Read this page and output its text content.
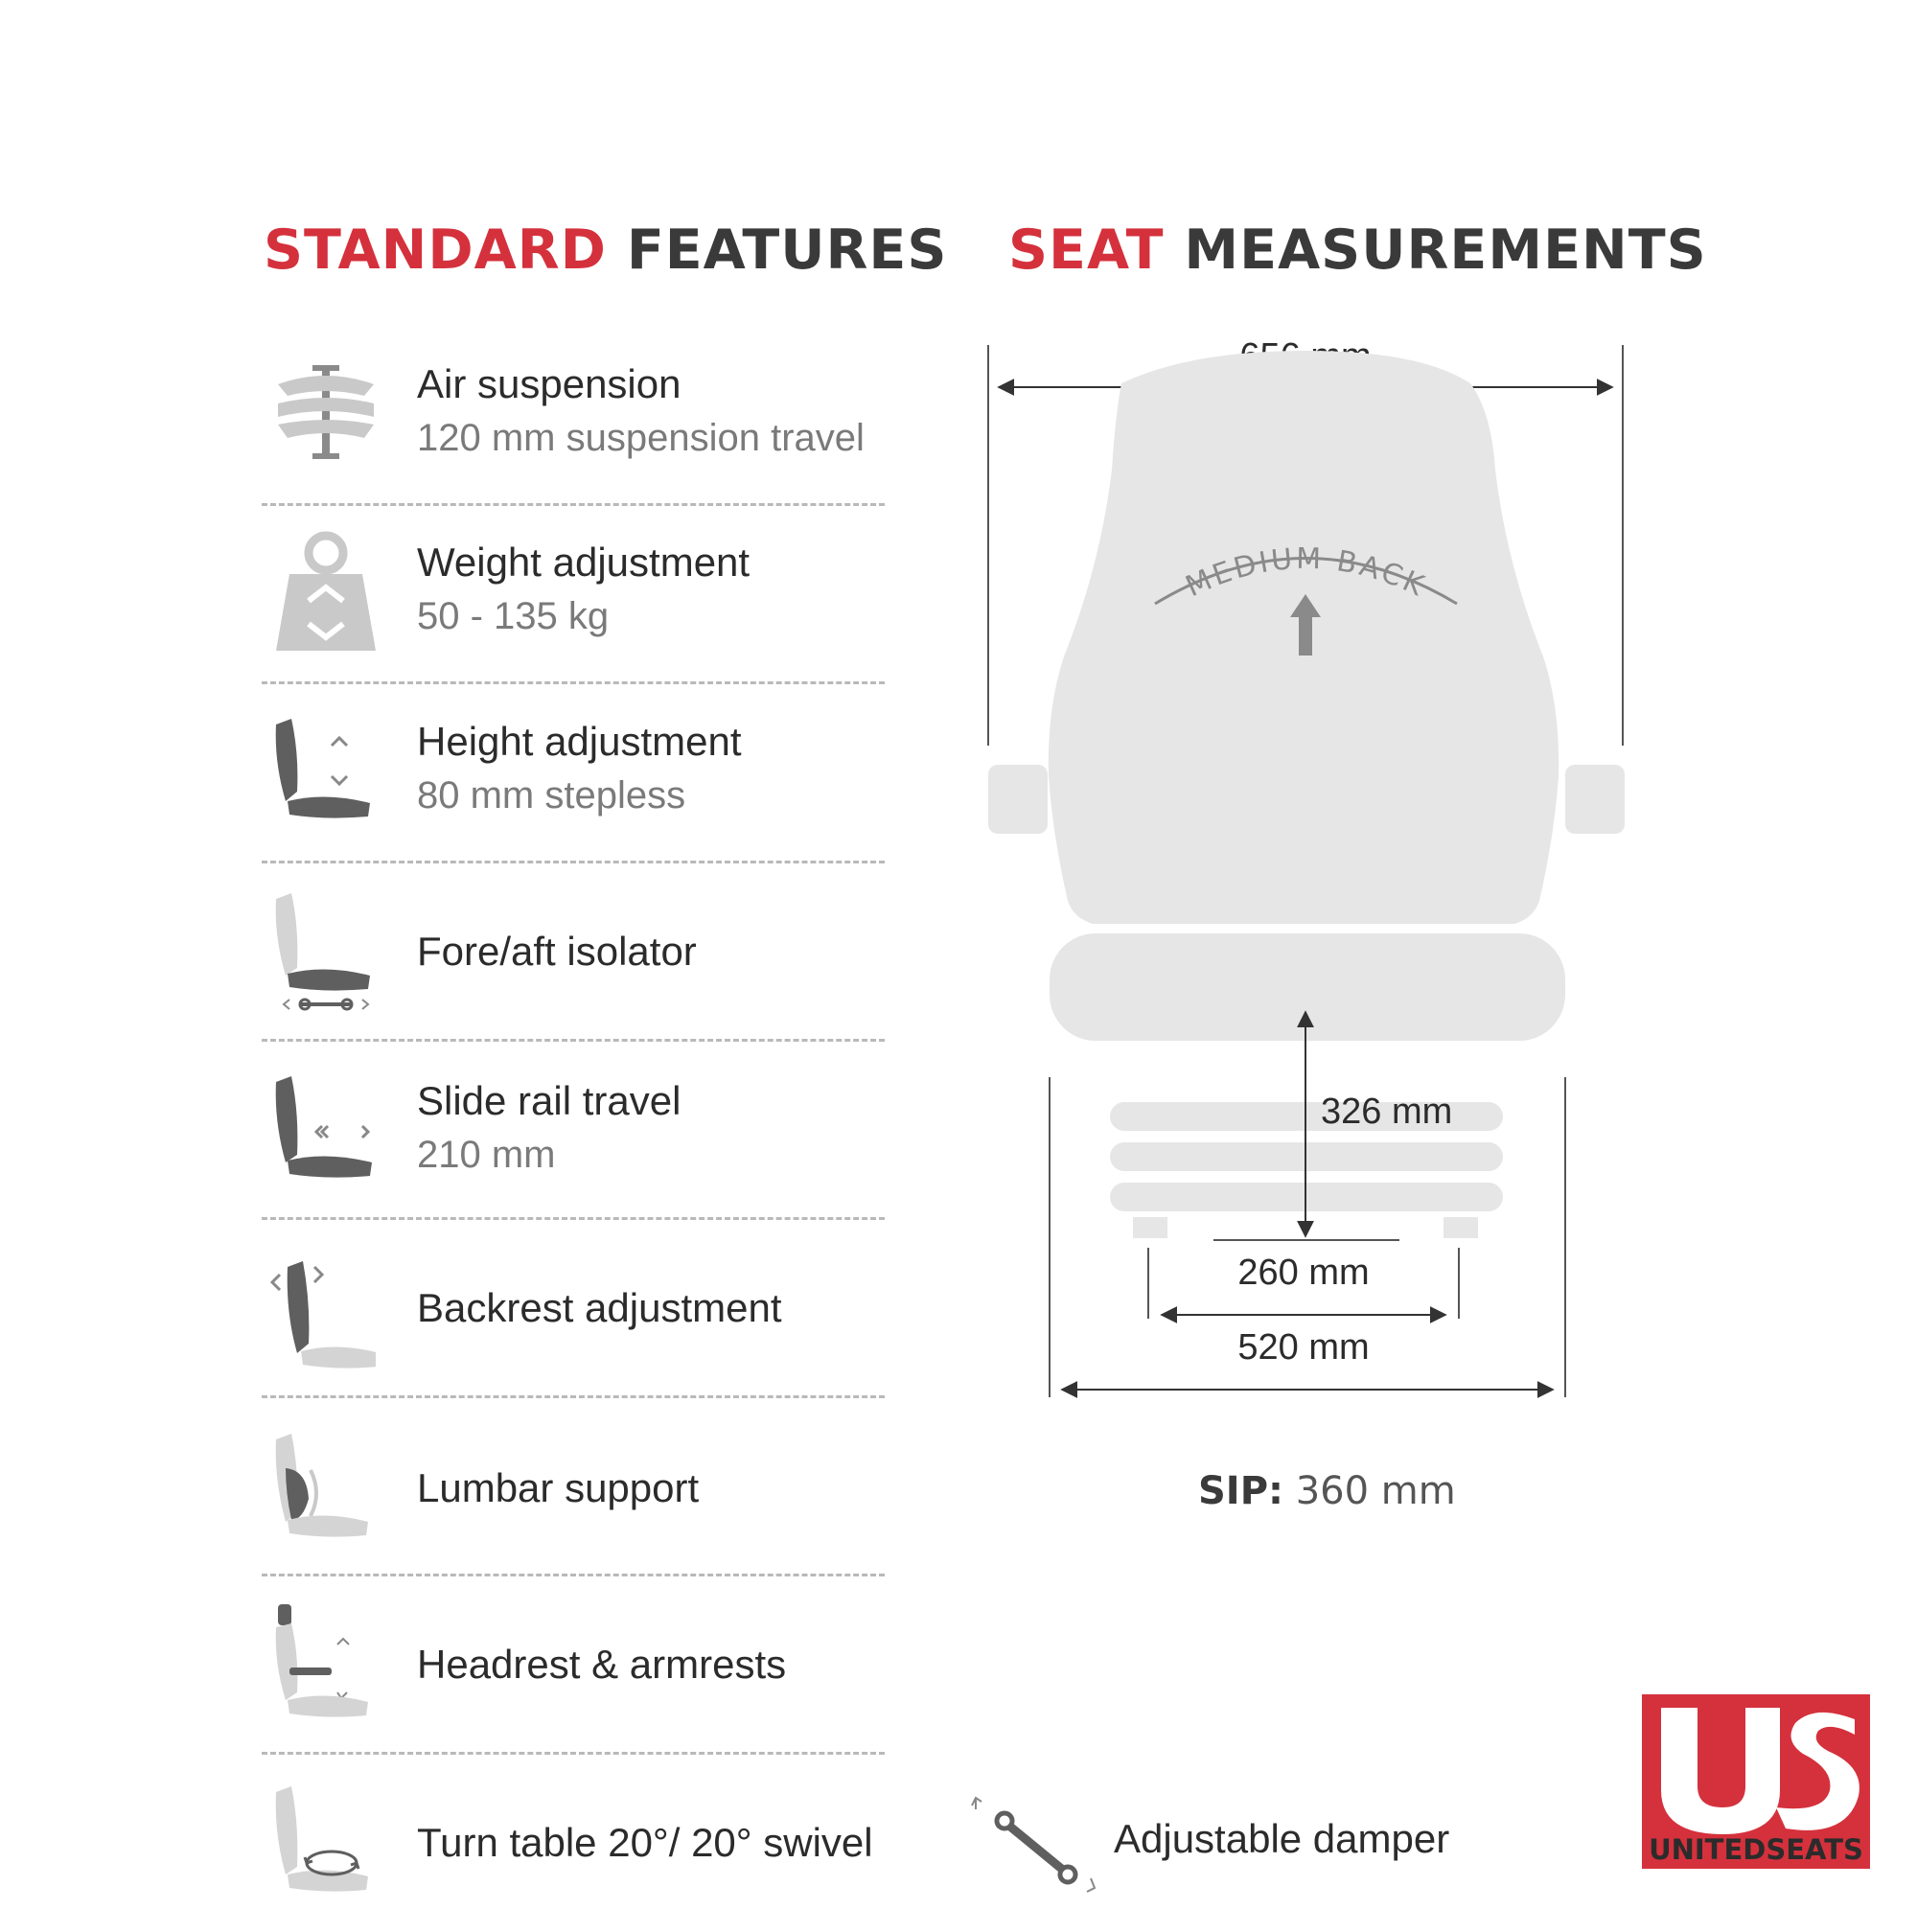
STANDARD FEATURES SEAT MEASUREMENTS
Air suspension
120 mm suspension travel
Weight adjustment
50 - 135 kg
Height adjustment
80 mm stepless
Fore/aft isolator
Slide rail travel
210 mm
Backrest adjustment
Lumbar support
Headrest & armrests
Turn table 20°/ 20° swivel
MEDIUM BACK
326 mm
260 mm
520 mm
SIP: 360 mm
Adjustable damper	UNITEDSEATS
